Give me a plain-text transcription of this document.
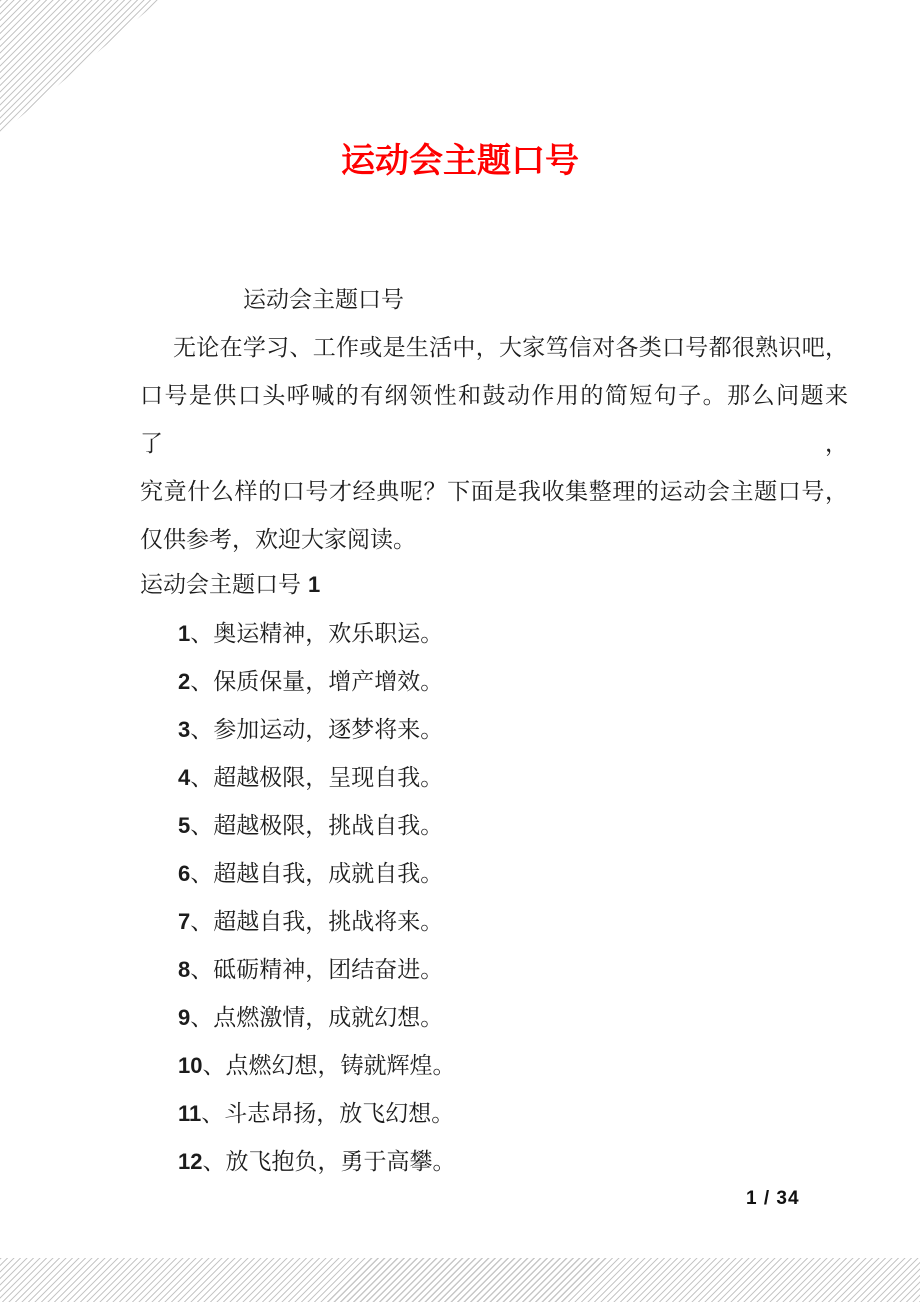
运动会主题口号
运动会主题口号
无论在学习、工作或是生活中，大家笃信对各类口号都很熟识吧，
口号是供口头呼喊的有纲领性和鼓动作用的简短句子。那么问题来了，
究竟什么样的口号才经典呢？下面是我收集整理的运动会主题口号，
仅供参考，欢迎大家阅读。
运动会主题口号 1
1、奥运精神，欢乐职运。
2、保质保量，增产增效。
3、参加运动，逐梦将来。
4、超越极限，呈现自我。
5、超越极限，挑战自我。
6、超越自我，成就自我。
7、超越自我，挑战将来。
8、砥砺精神，团结奋进。
9、点燃激情，成就幻想。
10、点燃幻想，铸就辉煌。
11、斗志昂扬，放飞幻想。
12、放飞抱负，勇于高攀。
1 / 34
